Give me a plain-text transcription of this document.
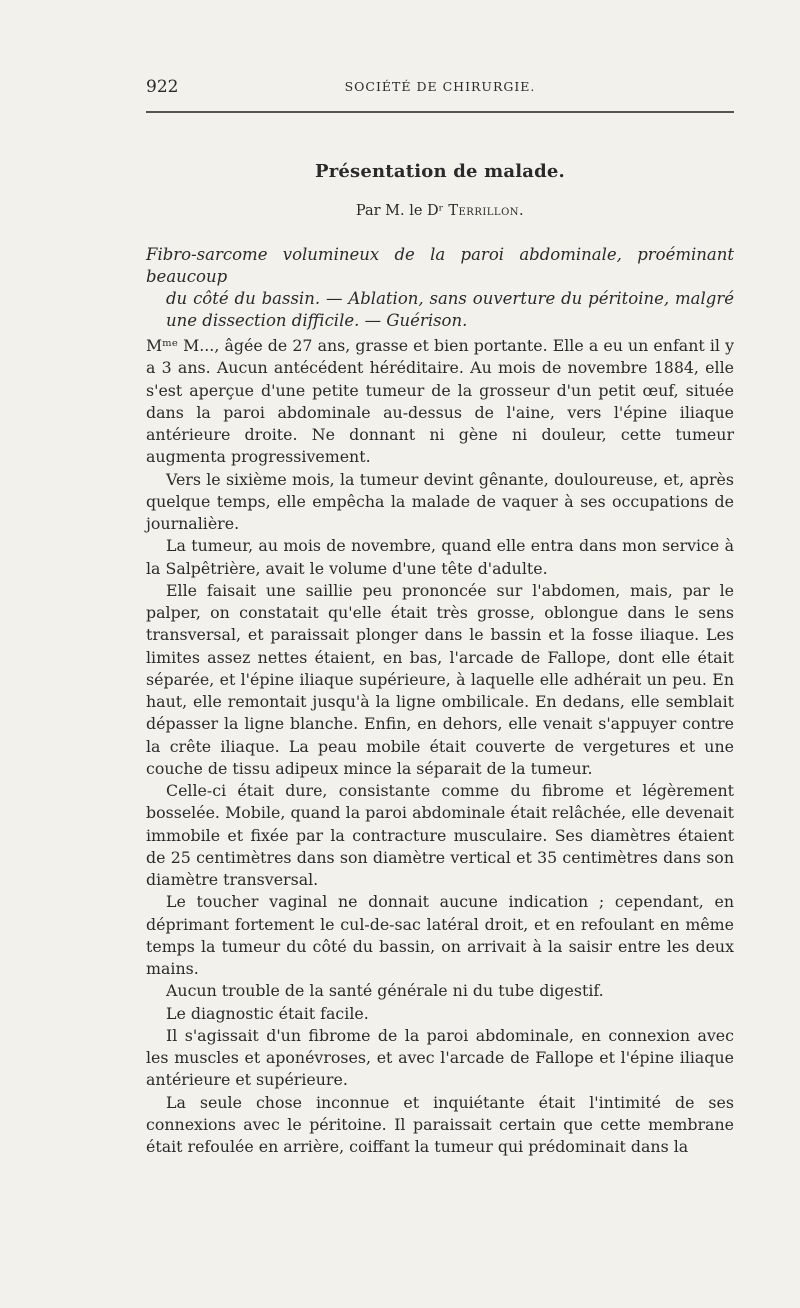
922	SOCIÉTÉ DE CHIRURGIE.
Présentation de malade.
Par M. le Dʳ Terrillon.
Fibro-sarcome volumineux de la paroi abdominale, proéminant beaucoup
du côté du bassin. — Ablation, sans ouverture du péritoine, malgré
une dissection difficile. — Guérison.

Mᵐᵉ M..., âgée de 27 ans, grasse et bien portante. Elle a eu un enfant il y a 3 ans. Aucun antécédent héréditaire. Au mois de novembre 1884, elle s'est aperçue d'une petite tumeur de la grosseur d'un petit œuf, située dans la paroi abdominale au-dessus de l'aine, vers l'épine iliaque antérieure droite. Ne donnant ni gène ni douleur, cette tumeur augmenta progressivement.

Vers le sixième mois, la tumeur devint gênante, douloureuse, et, après quelque temps, elle empêcha la malade de vaquer à ses occupations de journalière.

La tumeur, au mois de novembre, quand elle entra dans mon service à la Salpêtrière, avait le volume d'une tête d'adulte.

Elle faisait une saillie peu prononcée sur l'abdomen, mais, par le palper, on constatait qu'elle était très grosse, oblongue dans le sens transversal, et paraissait plonger dans le bassin et la fosse iliaque. Les limites assez nettes étaient, en bas, l'arcade de Fallope, dont elle était séparée, et l'épine iliaque supérieure, à laquelle elle adhérait un peu. En haut, elle remontait jusqu'à la ligne ombilicale. En dedans, elle semblait dépasser la ligne blanche. Enfin, en dehors, elle venait s'appuyer contre la crête iliaque. La peau mobile était couverte de vergetures et une couche de tissu adipeux mince la séparait de la tumeur.

Celle-ci était dure, consistante comme du fibrome et légèrement bosselée. Mobile, quand la paroi abdominale était relâchée, elle devenait immobile et fixée par la contracture musculaire. Ses diamètres étaient de 25 centimètres dans son diamètre vertical et 35 centimètres dans son diamètre transversal.

Le toucher vaginal ne donnait aucune indication ; cependant, en déprimant fortement le cul-de-sac latéral droit, et en refoulant en même temps la tumeur du côté du bassin, on arrivait à la saisir entre les deux mains.

Aucun trouble de la santé générale ni du tube digestif.

Le diagnostic était facile.

Il s'agissait d'un fibrome de la paroi abdominale, en connexion avec les muscles et aponévroses, et avec l'arcade de Fallope et l'épine iliaque antérieure et supérieure.

La seule chose inconnue et inquiétante était l'intimité de ses connexions avec le péritoine. Il paraissait certain que cette membrane était refoulée en arrière, coiffant la tumeur qui prédominait dans la
